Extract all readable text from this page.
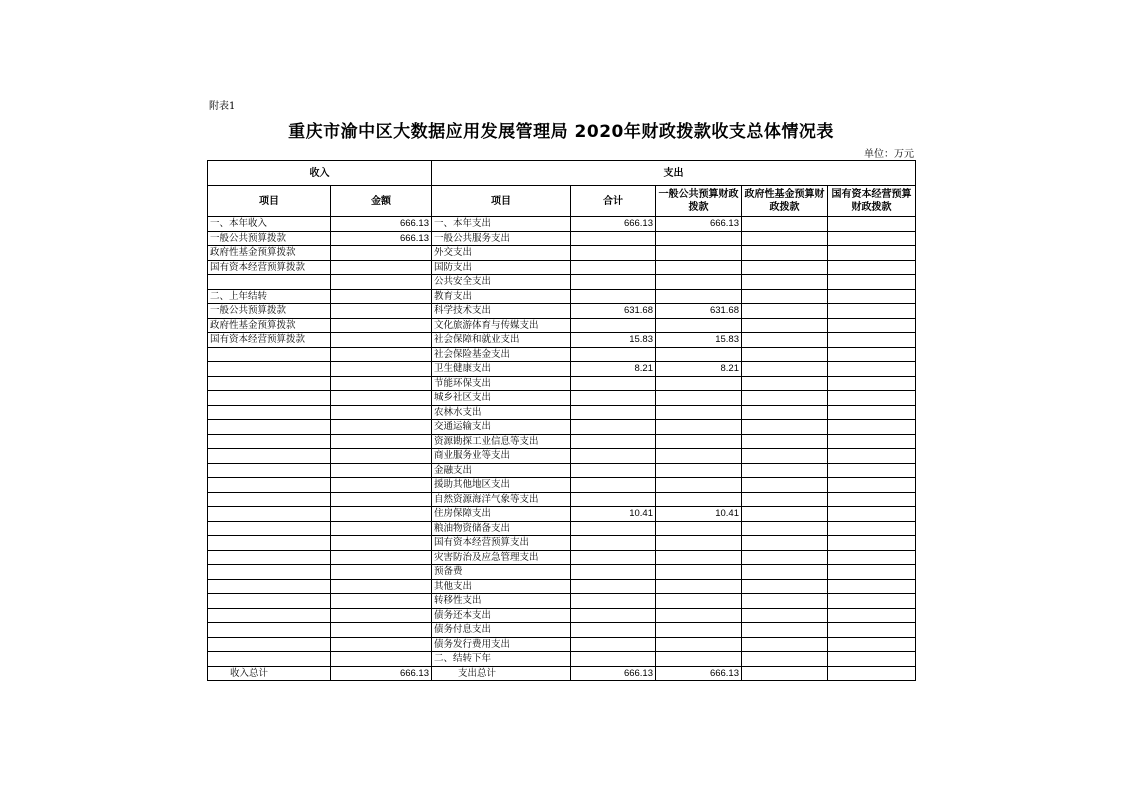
附表1
重庆市渝中区大数据应用发展管理局 2020年财政拨款收支总体情况表
单位：万元
收入		支出				
项目	金额	项目	合计	一般公共预算财政拨款	政府性基金预算财政拨款	国有资本经营预算财政拨款
一、本年收入	666.13	一、本年支出	666.13	666.13		
一般公共预算拨款	666.13	一般公共服务支出				
政府性基金预算拨款		外交支出				
国有资本经营预算拨款		国防支出				
		公共安全支出				
二、上年结转		教育支出				
一般公共预算拨款		科学技术支出	631.68	631.68		
政府性基金预算拨款		文化旅游体育与传媒支出				
国有资本经营预算拨款		社会保障和就业支出	15.83	15.83		
		社会保险基金支出				
		卫生健康支出	8.21	8.21		
		节能环保支出				
		城乡社区支出				
		农林水支出				
		交通运输支出				
		资源勘探工业信息等支出				
		商业服务业等支出				
		金融支出				
		援助其他地区支出				
		自然资源海洋气象等支出				
		住房保障支出	10.41	10.41		
		粮油物资储备支出				
		国有资本经营预算支出				
		灾害防治及应急管理支出				
		预备费				
		其他支出				
		转移性支出				
		债务还本支出				
		债务付息支出				
		债务发行费用支出				
		二、结转下年				
收入总计	666.13	支出总计	666.13	666.13		
